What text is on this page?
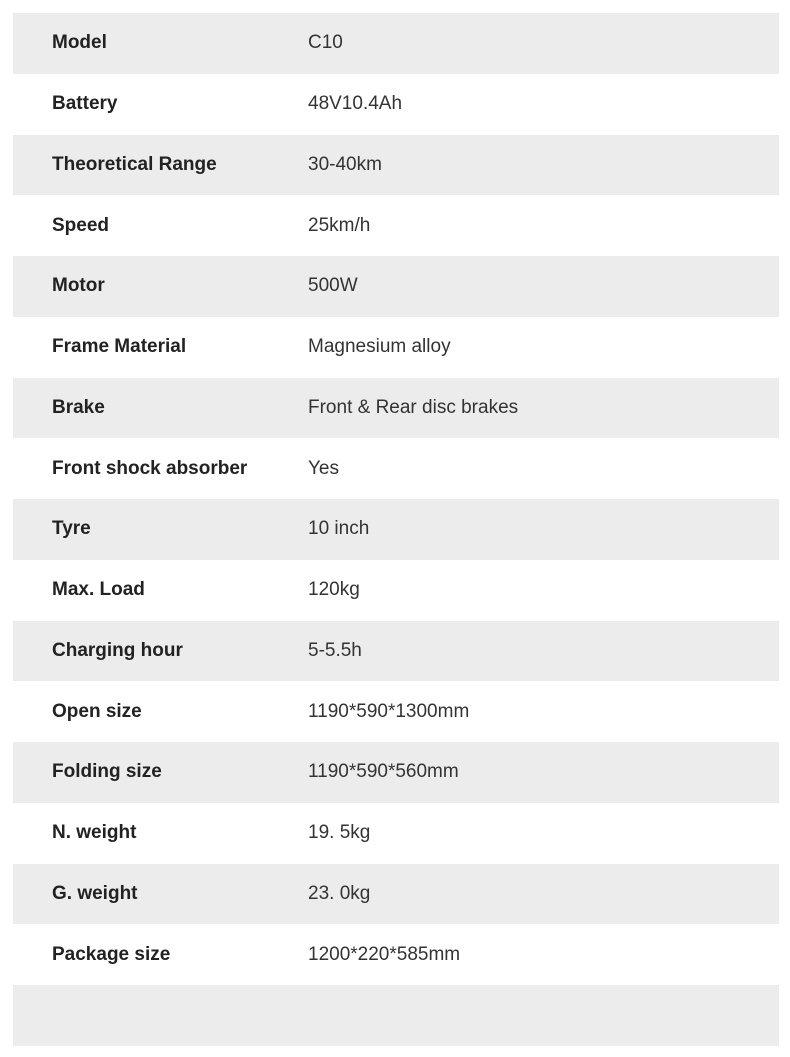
Model	C10
Battery	48V10.4Ah
Theoretical Range	30-40km
Speed	25km/h
Motor	500W
Frame Material	Magnesium alloy
Brake	Front & Rear disc brakes
Front shock absorber	Yes
Tyre	10 inch
Max. Load	120kg
Charging hour	5-5.5h
Open size	1190*590*1300mm
Folding size	1190*590*560mm
N. weight	19. 5kg
G. weight	23. 0kg
Package size	1200*220*585mm
